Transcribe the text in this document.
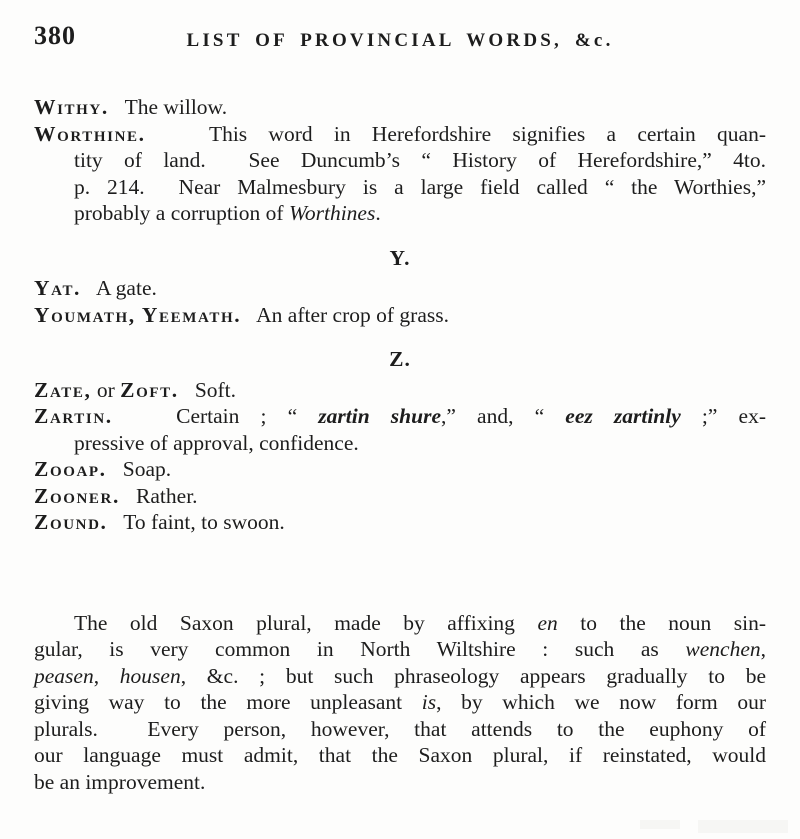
380	LIST OF PROVINCIAL WORDS, &c.
Withy.   The willow.
Worthine.   This word in Herefordshire signifies a certain quan-
tity of land.  See Duncumb’s “ History of Herefordshire,” 4to.
p. 214.  Near Malmesbury is a large field called “ the Worthies,”
probably a corruption of Worthines.
Y.
Yat.   A gate.
Youmath, Yeemath.   An after crop of grass.
Z.
Zate, or Zoft.   Soft.
Zartin.   Certain ; “ zartin shure,” and, “ eez zartinly ;” ex-
pressive of approval, confidence.
Zooap.   Soap.
Zooner.   Rather.
Zound.   To faint, to swoon.
The old Saxon plural, made by affixing en to the noun sin-
gular, is very common in North Wiltshire : such as wenchen,
peasen, housen, &c. ; but such phraseology appears gradually to be
giving way to the more unpleasant is, by which we now form our
plurals.  Every person, however, that attends to the euphony of
our language must admit, that the Saxon plural, if reinstated, would
be an improvement.
